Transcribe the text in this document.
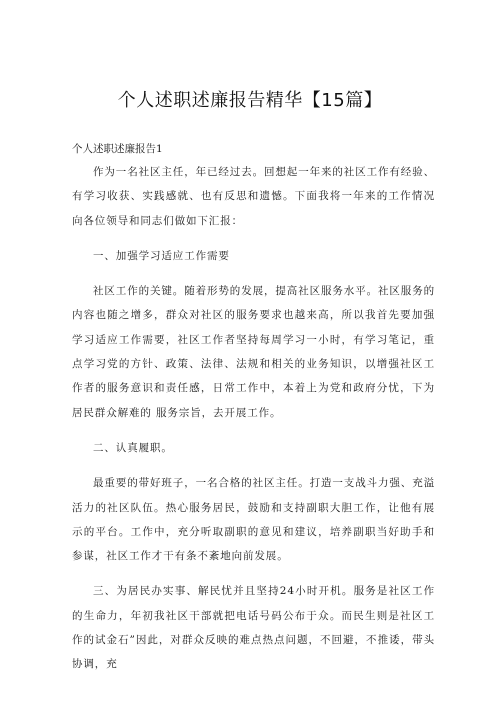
个人述职述廉报告精华【15篇】
个人述职述廉报告1

作为一名社区主任，年已经过去。回想起一年来的社区工作有经验、有学习收获、实践感就、也有反思和遗憾。下面我将一年来的工作情况向各位领导和同志们做如下汇报：

一、加强学习适应工作需要

社区工作的关键。随着形势的发展，提高社区服务水平。社区服务的内容也随之增多，群众对社区的服务要求也越来高，所以我首先要加强学习适应工作需要，社区工作者坚持每周学习一小时，有学习笔记，重点学习党的方针、政策、法律、法规和相关的业务知识，以增强社区工作者的服务意识和责任感，日常工作中，本着上为党和政府分忧，下为居民群众解难的 服务宗旨，去开展工作。

二、认真履职。

最重要的带好班子，一名合格的社区主任。打造一支战斗力强、充溢活力的社区队伍。热心服务居民，鼓励和支持副职大胆工作，让他有展示的平台。工作中，充分听取副职的意见和建议，培养副职当好助手和参谋，社区工作才干有条不紊地向前发展。

三、为居民办实事、解民忧并且坚持24小时开机。服务是社区工作的生命力，年初我社区干部就把电话号码公布于众。而民生则是社区工作的试金石”因此，对群众反映的难点热点问题，不回避，不推诿，带头协调，充
